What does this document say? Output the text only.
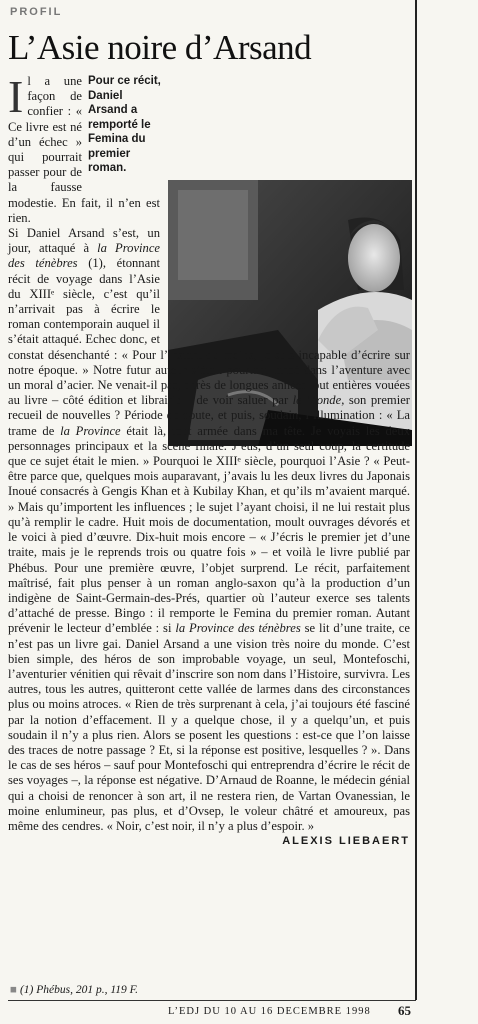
PROFIL
L’Asie noire d’Arsand
Pour ce récit, Daniel Arsand a remporté le Femina du premier roman.
I l a une façon de confier : « Ce livre est né d’un échec » qui pourrait passer pour de la fausse modestie. En fait, il n’en est rien.
Si Daniel Arsand s’est, un jour, attaqué à la Province des ténèbres (1), étonnant récit de voyage dans l’Asie du XIIIᵉ siècle, c’est qu’il n’arrivait pas à écrire le roman contemporain auquel il s’était attaqué. Echec donc, et constat désenchanté : « Pour l’instant du moins, je suis incapable d’écrire sur notre époque. » Notre futur auteur s’était pourtant lancé dans l’aventure avec un moral d’acier. Ne venait-il pas, après de longues années tout entières vouées au livre – côté édition et librairie – de voir saluer par le Monde, son premier recueil de nouvelles ? Période de doute, et puis, soudain, l’illumination : « La trame de la Province était là, tout armée dans ma tête. Je voyais les deux personnages principaux et la scène finale. J’eus, d’un seul coup, la certitude que ce sujet était le mien. » Pourquoi le XIIIᵉ siècle, pourquoi l’Asie ? « Peut-être parce que, quelques mois auparavant, j’avais lu les deux livres du Japonais Inoué consacrés à Gengis Khan et à Kubilay Khan, et qu’ils m’avaient marqué. » Mais qu’importent les influences ; le sujet l’ayant choisi, il ne lui restait plus qu’à remplir le cadre. Huit mois de documentation, moult ouvrages dévorés et le voici à pied d’œuvre. Dix-huit mois encore – « J’écris le premier jet d’une traite, mais je le reprends trois ou quatre fois » – et voilà le livre publié par Phébus. Pour une première œuvre, l’objet surprend. Le récit, parfaitement maîtrisé, fait plus penser à un roman anglo-saxon qu’à la production d’un indigène de Saint-Germain-des-Prés, quartier où l’auteur exerce ses talents d’attaché de presse. Bingo : il remporte le Femina du premier roman. Autant prévenir le lecteur d’emblée : si la Province des ténèbres se lit d’une traite, ce n’est pas un livre gai. Daniel Arsand a une vision très noire du monde. C’est bien simple, des héros de son improbable voyage, un seul, Montefoschi, l’aventurier vénitien qui rêvait d’inscrire son nom dans l’Histoire, survivra. Les autres, tous les autres, quitteront cette vallée de larmes dans des circonstances plus ou moins atroces. « Rien de très surprenant à cela, j’ai toujours été fasciné par la notion d’effacement. Il y a quelque chose, il y a quelqu’un, et puis soudain il n’y a plus rien. Alors se posent les questions : est-ce que l’on laisse des traces de notre passage ? Et, si la réponse est positive, lesquelles ? ». Dans le cas de ses héros – sauf pour Montefoschi qui entreprendra d’écrire le récit de ses voyages –, la réponse est négative. D’Arnaud de Roanne, le médecin génial qui a choisi de renoncer à son art, il ne restera rien, de Vartan Ovanessian, le moine enlumineur, pas plus, et d’Ovsep, le voleur châtré et amoureux, pas même des cendres. « Noir, c’est noir, il n’y a plus d’espoir. »
ALEXIS LIEBAERT
■ (1) Phébus, 201 p., 119 F.
L’EDJ DU 10 AU 16 DECEMBRE 1998 65
